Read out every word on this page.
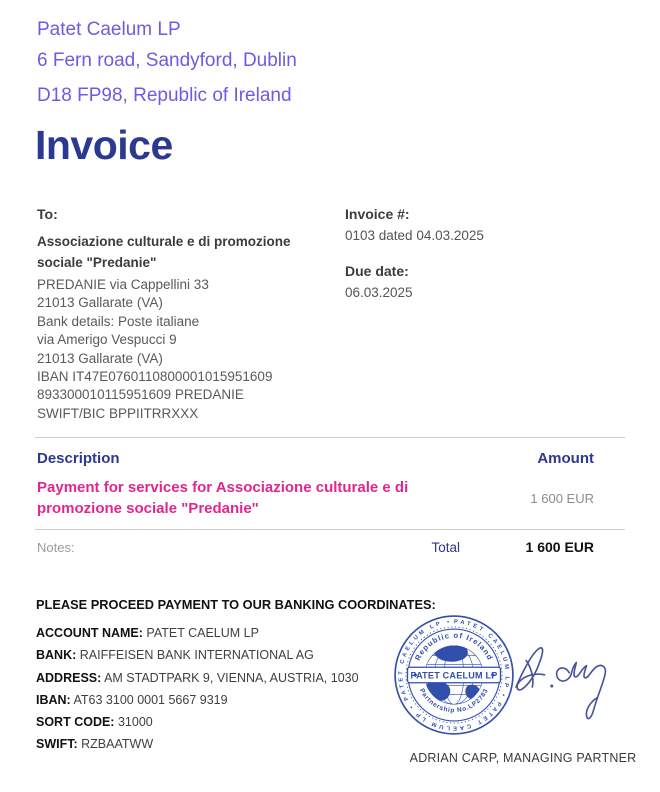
Patet Caelum LP
6 Fern road, Sandyford, Dublin
D18 FP98, Republic of Ireland
Invoice
To:
Associazione culturale e di promozione sociale "Predanie"
PREDANIE via Cappellini 33
21013 Gallarate (VA)
Bank details: Poste italiane
via Amerigo Vespucci 9
21013 Gallarate (VA)
IBAN IT47E0760110800001015951609
893300010115951609 PREDANIE
SWIFT/BIC BPPIITRRXXX
Invoice #:
0103 dated 04.03.2025
Due date:
06.03.2025
Description	Amount
Payment for services for Associazione culturale e di promozione sociale "Predanie"
1 600 EUR
Notes:	Total	1 600 EUR
PLEASE PROCEED PAYMENT TO OUR BANKING COORDINATES:
ACCOUNT NAME: PATET CAELUM LP
BANK: RAIFFEISEN BANK INTERNATIONAL AG
ADDRESS: AM STADTPARK 9, VIENNA, AUSTRIA, 1030
IBAN: AT63 3100 0001 5667 9319
SORT CODE: 31000
SWIFT: RZBAATWW
PATET CAELUM LP • PATET CAELUM LP • PATET CAELUM LP •
Republic of Ireland
Partnership No.LP2783
PATET CAELUM LP
ADRIAN CARP, MANAGING PARTNER
